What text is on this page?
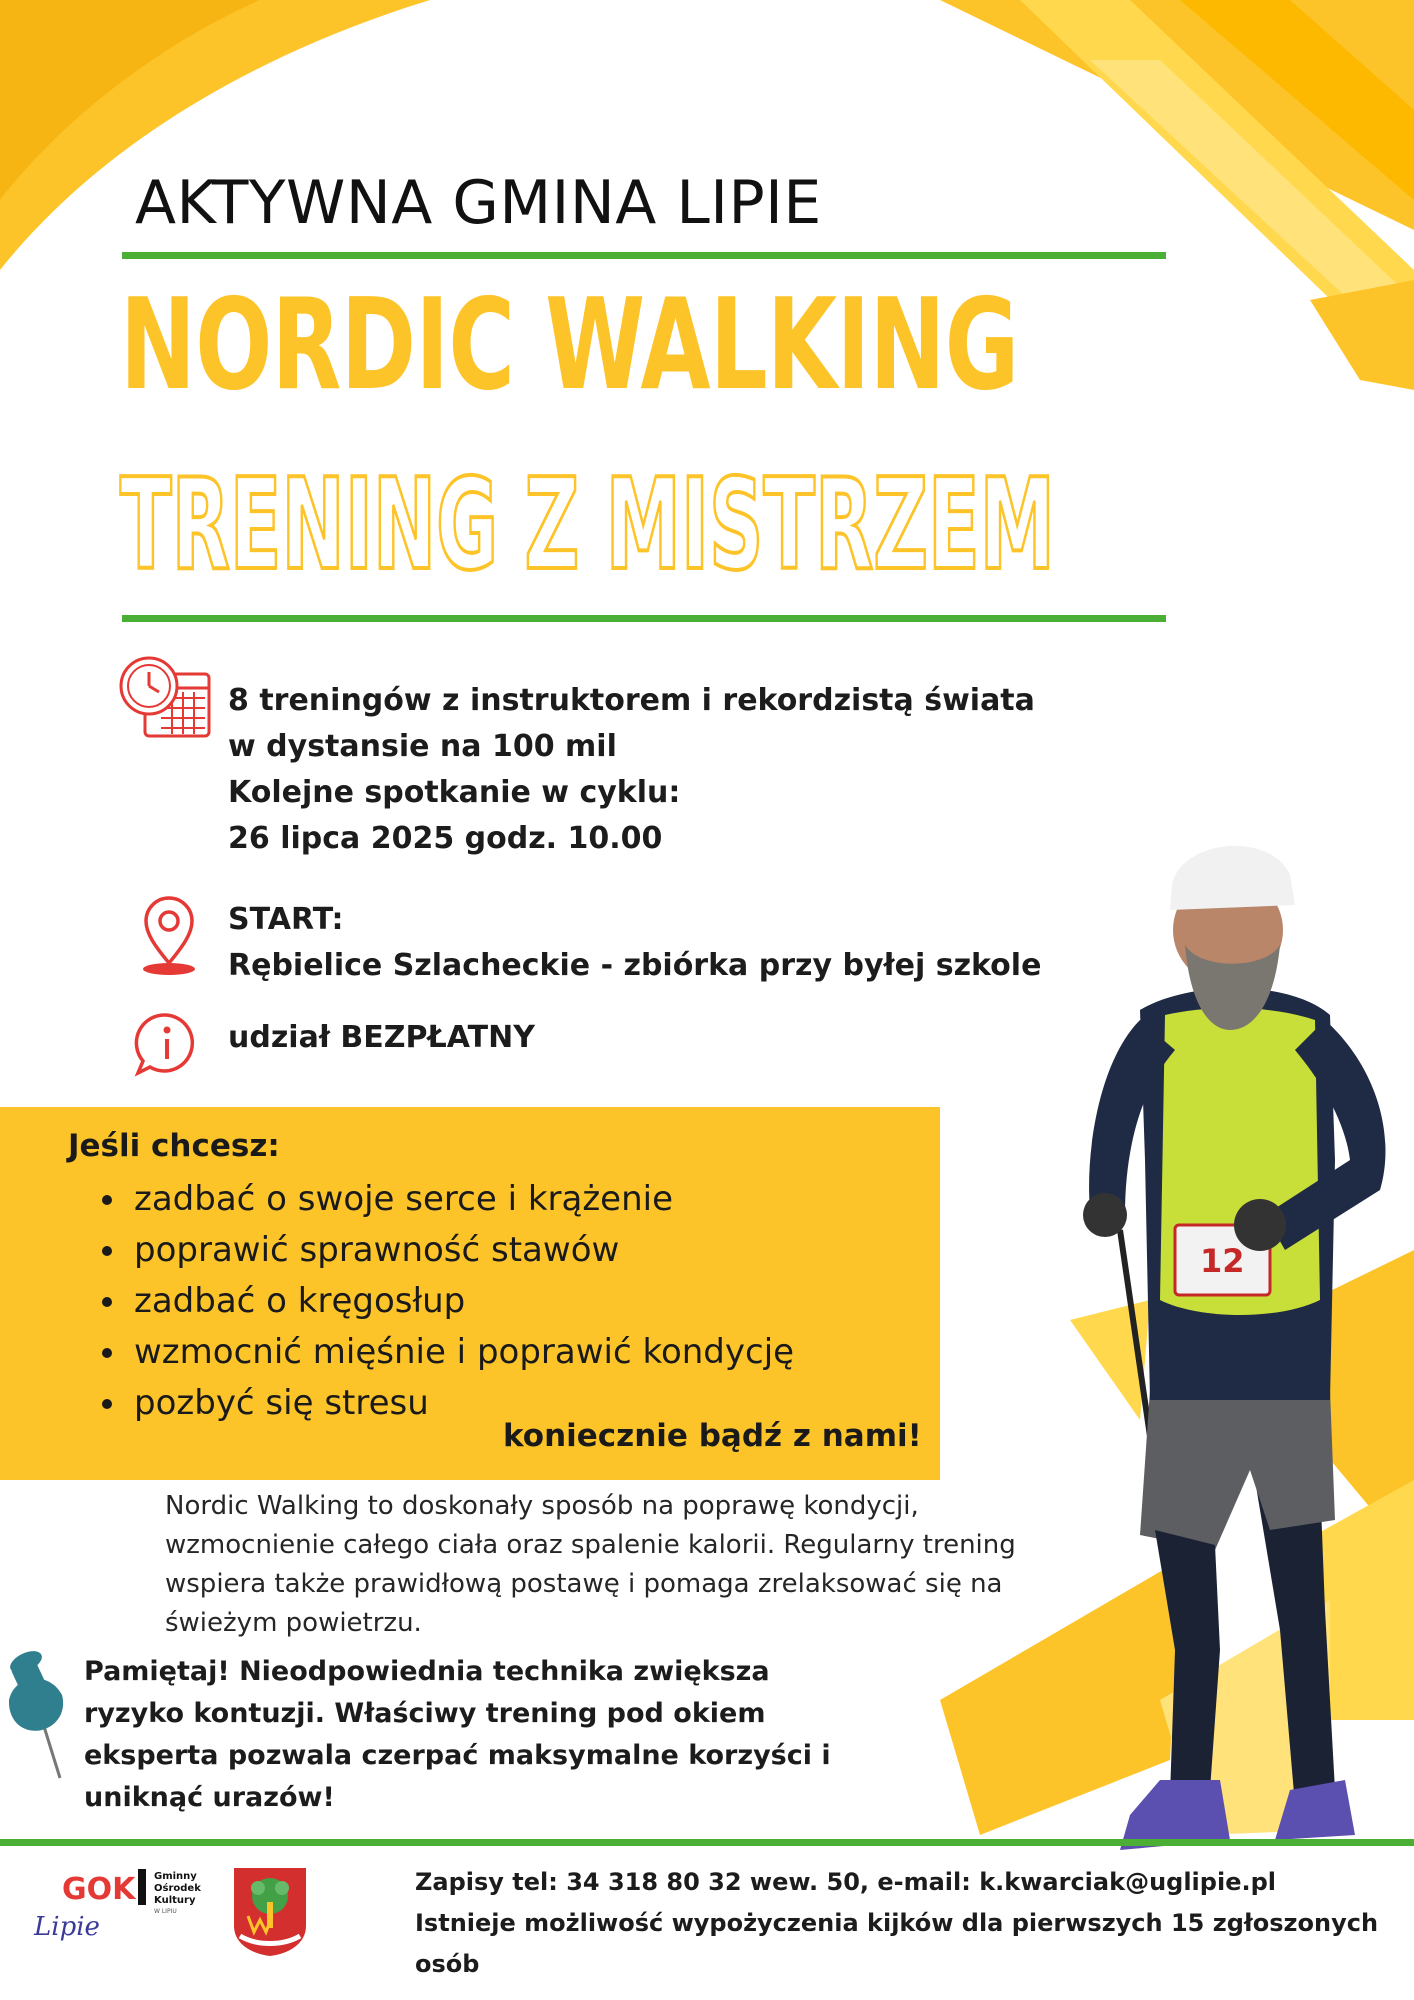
AKTYWNA GMINA LIPIE
NORDIC WALKING
TRENING Z MISTRZEM
8 treningów z instruktorem i rekordzistą świata
w dystansie na 100 mil
Kolejne spotkanie w cyklu:
26 lipca 2025 godz. 10.00
START:
Rębielice Szlacheckie - zbiórka przy byłej szkole
udział BEZPŁATNY
Jeśli chcesz:
zadbać o swoje serce i krążenie
poprawić sprawność stawów
zadbać o kręgosłup
wzmocnić mięśnie i poprawić kondycję
pozbyć się stresu
koniecznie bądź z nami!
12
Nordic Walking to doskonały sposób na poprawę kondycji, wzmocnienie całego ciała oraz spalenie kalorii. Regularny trening wspiera także prawidłową postawę i pomaga zrelaksować się na świeżym powietrzu.
Pamiętaj! Nieodpowiednia technika zwiększa ryzyko kontuzji. Właściwy trening pod okiem eksperta pozwala czerpać maksymalne korzyści i uniknąć urazów!
GOK
Lipie
Gminny
Ośrodek
Kultury
W LIPIU
Zapisy tel: 34 318 80 32 wew. 50, e-mail: k.kwarciak@uglipie.pl
Istnieje możliwość wypożyczenia kijków dla pierwszych 15 zgłoszonych osób
